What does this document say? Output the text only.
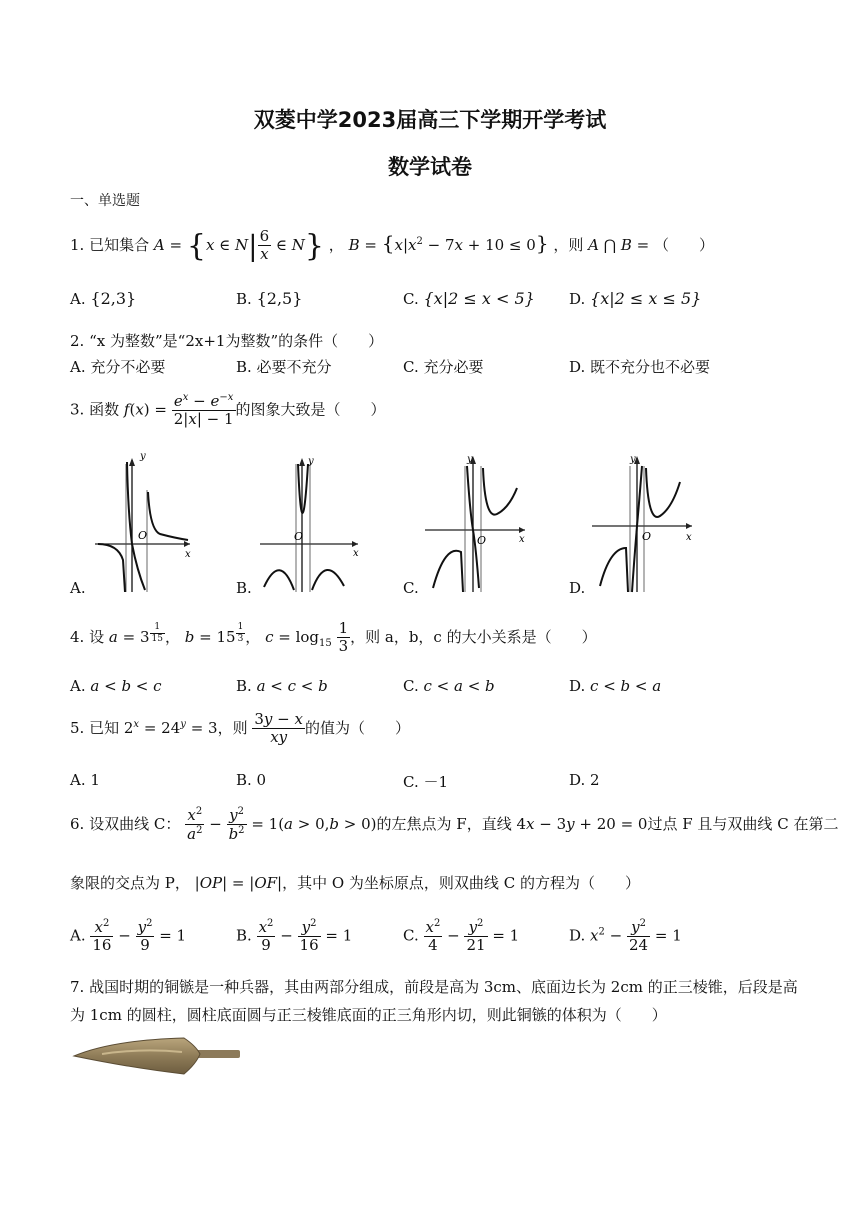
双菱中学2023届高三下学期开学考试
数学试卷
一、单选题
1. 已知集合 A = {x ∈ $N| \frac{6}{x}$ ∈ N} ， $B = \{x|x^2 - 7x + 10 \le 0\}$ ，则 A ⋂ B = （　　）
A. {2,3}	B. {2,5}	C. {x|2 ≤ x < 5} D. {x|2 ≤ x ≤ 5}
2. “x 为整数”是“2x+1为整数”的条件（　　）
A. 充分不必要	B. 必要不充分	C. 充分必要	D. 既不充分也不必要
3. 函数 $f(x) = \frac{e^x - e^{-x}}{2|x| - 1}$ 的图象大致是（　　）
y
x
O
y
x
O
y
x
O
y
x
O
A.	B.	C.	D.
4. 设 a = 3 $^{\frac{1}{15}}$ ， b = 15 $^{\frac{1}{3}}$ ， $c = \log_{15} \frac{1}{3}$ ，则 a，b，c 的大小关系是（　　）
A. a < b < c	B. a < c < b	C. c < a < b	D. c < b < a
5. 已知 $2^x = 24^y = 3$，则 $\frac{3y - x}{xy}$ 的值为（　　）
A. 1	B. 0	C. －1	D. 2
6. 设双曲线 C： $\frac{x^2}{a^2} - \frac{y^2}{b^2} = 1(a > 0,b > 0)$的左焦点为 F，直线 4x − 3y + 20 = 0过点 F 且与双曲线 C 在第二
象限的交点为 P， |OP| = |OF|，其中 O 为坐标原点，则双曲线 C 的方程为（　　）
A. $\frac{x^2}{16} - \frac{y^2}{9} = 1$	B. $\frac{x^2}{9} - \frac{y^2}{16} = 1$	C. $\frac{x^2}{4} - \frac{y^2}{21} = 1$	D. $x^2 - \frac{y^2}{24} = 1$
7. 战国时期的铜镞是一种兵器，其由两部分组成，前段是高为 3cm、底面边长为 2cm 的正三棱锥，后段是高
为 1cm 的圆柱，圆柱底面圆与正三棱锥底面的正三角形内切，则此铜镞的体积为（　　）
